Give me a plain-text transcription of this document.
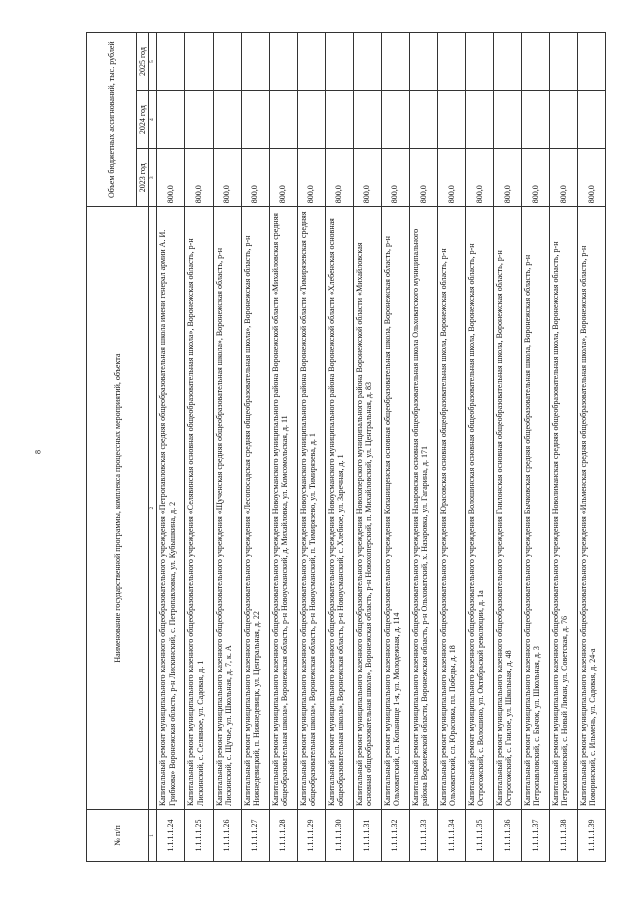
8
№ п/п	Наименование государственной программы, комплекса процессных мероприятий, объекта	Объем бюджетных ассигнований, тыс. рублей		
		2023 год	2024 год	2025 год
1	2	3	4	5
1.1.1.1.24	Капитальный ремонт муниципального казенного общеобразовательного учреждения «Петропавловская средняя общеобразовательная школа имени генерал армии А. И. Грибкова» Воронежская область, р-н Лискинский, с. Петропавловка, ул. Кубышкина, д. 2	800,0		
1.1.1.1.25	Капитальный ремонт муниципального казенного общеобразовательного учреждения «Селявинская основная общеобразовательная школа», Воронежская область, р-н Лискинский, с. Селявное, ул. Садовая, д. 1	800,0		
1.1.1.1.26	Капитальный ремонт муниципального казенного общеобразовательного учреждения «Щученская средняя общеобразовательная школа», Воронежская область, р-н Лискинский, с. Щучье, ул. Школьная, д. 7, к. А	800,0		
1.1.1.1.27	Капитальный ремонт муниципального казенного общеобразовательного учреждения «Лесопосадская средняя общеобразовательная школа», Воронежская область, р-н Нижнедевицкий, п. Нижнедевицк, ул. Центральная, д. 22	800,0		
1.1.1.1.28	Капитальный ремонт муниципального казенного общеобразовательного учреждения Новоусманского муниципального района Воронежской области «Михайловская средняя общеобразовательная школа», Воронежская область, р-н Новоусманский, д. Михайловка, ул. Комсомольская, д. 11	800,0		
1.1.1.1.29	Капитальный ремонт муниципального казенного общеобразовательного учреждения Новоусманского муниципального района Воронежской области «Тимирязевская средняя общеобразовательная школа», Воронежская область, р-н Новоусманский, п. Тимирязево, ул. Тимирязева, д. 1	800,0		
1.1.1.1.30	Капитальный ремонт муниципального казенного общеобразовательного учреждения Новоусманского муниципального района Воронежской области «Хлебенская основная общеобразовательная школа», Воронежская область, р-н Новоусманский, с. Хлебное, ул. Заречная, д. 1	800,0		
1.1.1.1.31	Капитальный ремонт муниципального казенного общеобразовательного учреждения Новохоперского муниципального района Воронежской области «Михайловская основная общеобразовательная школа», Воронежская область, р-н Новохоперский, п. Михайловский, ул. Центральная, д. 83	800,0		
1.1.1.1.32	Капитальный ремонт муниципального казенного общеобразовательного учреждения Копанищенская основная общеобразовательная школа, Воронежская область, р-н Ольховатский, сл. Копанище 1-я, ул. Молодежная, д. 114	800,0		
1.1.1.1.33	Капитальный ремонт муниципального казенного общеобразовательного учреждения Назаровская основная общеобразовательная школа Ольховатского муниципального района Воронежской области, Воронежская область, р-н Ольховатский, х. Назаровка, ул. Гагарина, д. 171	800,0		
1.1.1.1.34	Капитальный ремонт муниципального казенного общеобразовательного учреждения Юрасовская основная общеобразовательная школа, Воронежская область, р-н Ольховатский, сл. Юрасовка, пл. Победы, д. 18	800,0		
1.1.1.1.35	Капитальный ремонт муниципального казенного общеобразовательного учреждения Волошинская основная общеобразовательная школа, Воронежская область, р-н Острогожский, с. Волошино, ул. Октябрьской революции, д. 1а	800,0		
1.1.1.1.36	Капитальный ремонт муниципального казенного общеобразовательного учреждения Гнилонская основная общеобразовательная школа, Воронежская область, р-н Острогожский, с. Гнилое, ул. Школьная, д. 48	800,0		
1.1.1.1.37	Капитальный ремонт муниципального казенного общеобразовательного учреждения Бычковская средняя общеобразовательная школа, Воронежская область, р-н Петропавловский, с. Бычок, ул. Школьная, д. 3	800,0		
1.1.1.1.38	Капитальный ремонт муниципального казенного общеобразовательного учреждения Новолиманская средняя общеобразовательная школа, Воронежская область, р-н Петропавловский, с. Новый Лиман, ул. Советская, д. 76	800,0		
1.1.1.1.39	Капитальный ремонт муниципального казенного общеобразовательного учреждения «Ильменская средняя общеобразовательная школа», Воронежская область, р-н Поворинский, с. Ильмень, ул. Садовая, д. 24-а	800,0		
